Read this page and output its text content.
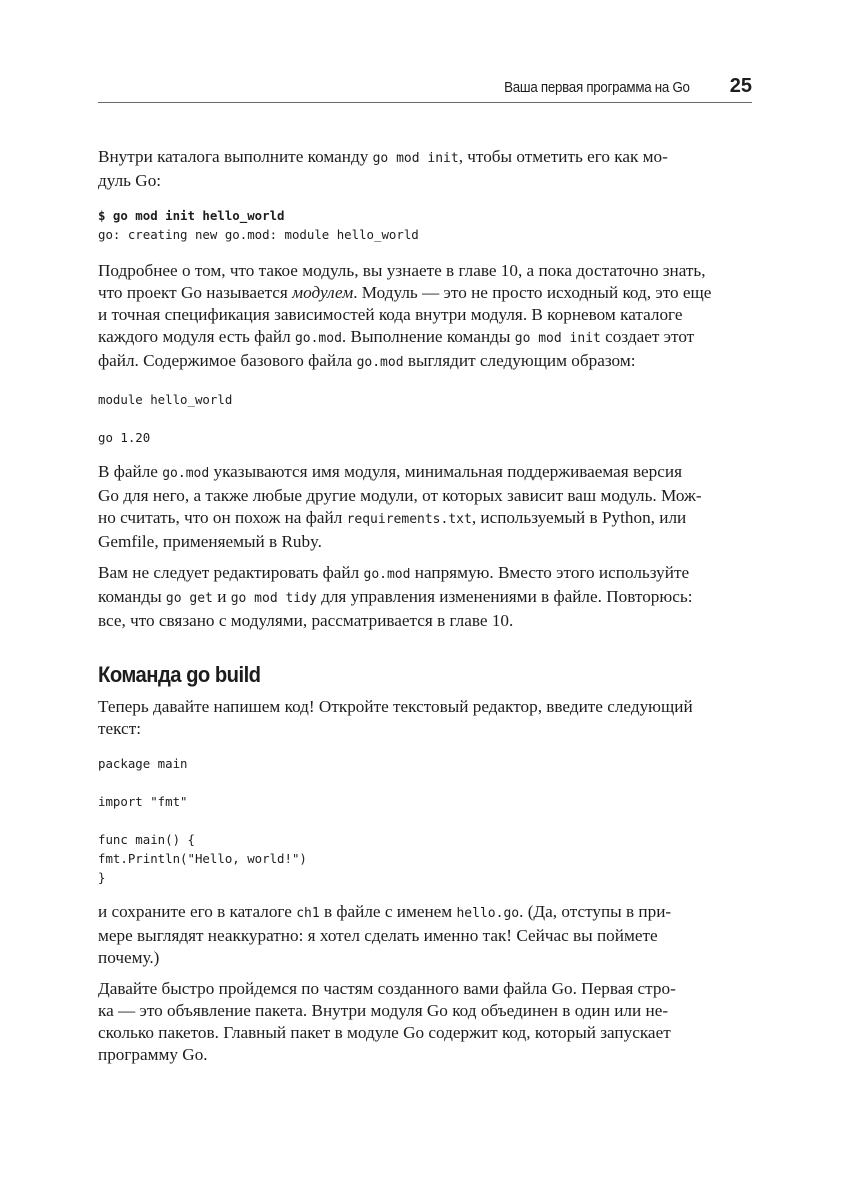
Ваша первая программа на Go 25

Внутри каталога выполните команду go mod init, чтобы отметить его как мо-
дуль Go:

$ go mod init hello_world
go: creating new go.mod: module hello_world

Подробнее о том, что такое модуль, вы узнаете в главе 10, а пока достаточно знать,
что проект Go называется модулем. Модуль — это не просто исходный код, это еще
и точная спецификация зависимостей кода внутри модуля. В корневом каталоге
каждого модуля есть файл go.mod. Выполнение команды go mod init создает этот
файл. Содержимое базового файла go.mod выглядит следующим образом:

module hello_world

go 1.20

В файле go.mod указываются имя модуля, минимальная поддерживаемая версия
Go для него, а также любые другие модули, от которых зависит ваш модуль. Мож-
но считать, что он похож на файл requirements.txt, используемый в Python, или
Gemfile, применяемый в Ruby.

Вам не следует редактировать файл go.mod напрямую. Вместо этого используйте
команды go get и go mod tidy для управления изменениями в файле. Повторюсь:
все, что связано с модулями, рассматривается в главе 10.

Команда go build

Теперь давайте напишем код! Откройте текстовый редактор, введите следующий
текст:

package main

import "fmt"

func main() {
fmt.Println("Hello, world!")
}

и сохраните его в каталоге ch1 в файле с именем hello.go. (Да, отступы в при-
мере выглядят неаккуратно: я хотел сделать именно так! Сейчас вы поймете
почему.)

Давайте быстро пройдемся по частям созданного вами файла Go. Первая стро-
ка — это объявление пакета. Внутри модуля Go код объединен в один или не-
сколько пакетов. Главный пакет в модуле Go содержит код, который запускает
программу Go.
